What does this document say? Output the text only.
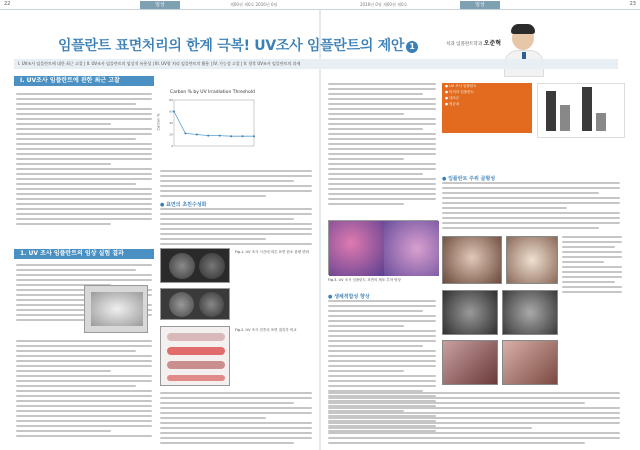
22	임상	제00권 제0호 2016년 0월	2016년 0월 제00권 제0호	임상	23
임플란트 표면처리의 한계 극복! UV조사 임플란트의 제안 1	치과 임플란트학과 오준혁
I. UV조사 임플란트에 대한 최근 고찰 | II. UV조사 임플란트의 임상적 유용성 | III. UV광 처리 임플란트의 활용 | IV. 가능성 고찰 | V. 향후 UV조사 임플란트의 과제
I. UV조사 임플란트에 관한 최근 고찰
Carbon % by UV Irradiation Threshold
Carbon %
0
20
40
60
80
● 표면의 초친수성화
Fig.1. UV 조사 시간에 따른 표면 탄소 함량 변화
Fig.2. UV 조사 전후의 표면 접촉각 비교
1. UV 조사 임플란트의 임상 실험 결과
● UV 조사 임플란트
● 미처리 임플란트
● 대조군
● 평균치
Fig.3. UV 조사 임플란트 표면의 세포 부착 양상
● 생체적합성 향상
● 임플란트 주위 골형성
